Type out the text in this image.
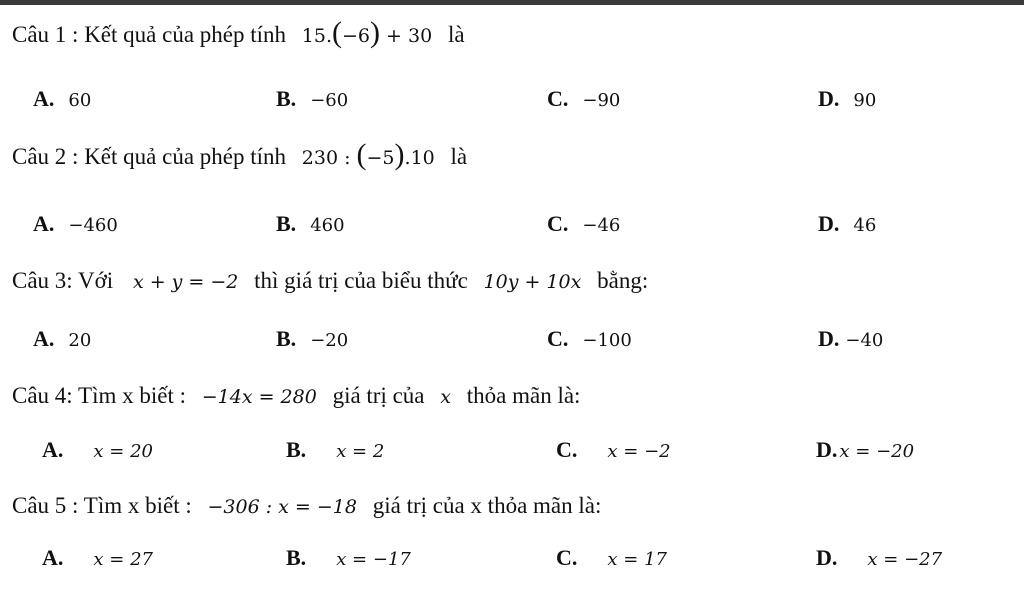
Câu 1 : Kết quả của phép tính 15.(−6) + 30 là
A. 60	B. −60	C. −90	D. 90
Câu 2 : Kết quả của phép tính 230 : (−5).10 là
A. −460	B. 460	C. −46	D. 46
Câu 3: Với x + y = −2 thì giá trị của biểu thức 10y + 10x bằng:
A. 20	B. −20	C. −100	D. −40
Câu 4: Tìm x biết : −14x = 280 giá trị của x thỏa mãn là:
A. x = 20	B. x = 2	C. x = −2	D. x = −20
Câu 5 : Tìm x biết : −306 : x = −18 giá trị của x thỏa mãn là:
A. x = 27	B. x = −17	C. x = 17	D. x = −27
